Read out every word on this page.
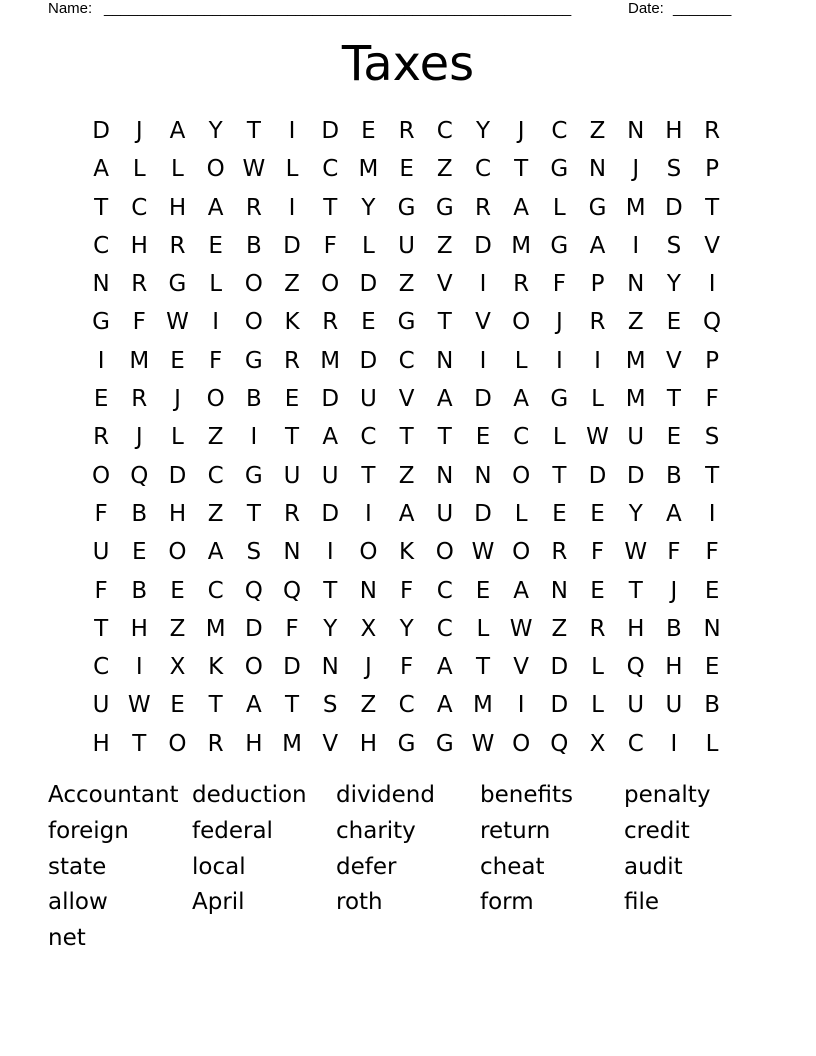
Name: ________________________________________________________	Date: _______
Taxes
D	J	A	Y	T	I	D E R C	Y	J	C Z N H R
A	L	L O W L	C M E	Z C	T G N	J	S	P
T	C H A R	I	T	Y G G R A	L G M D T
C H R E	B D F	L	U Z D M G A	I	S	V
N R G L O Z O D Z V	I	R	F	P N Y	I
G F W	I	O K R E G T	V O	J	R Z	E Q
I	M E	F G R M D C N	I	L	I	I	M V	P
E R	J	O B	E D U V A D A G L M T	F
R	J	L	Z	I	T	A C	T	T	E C	L W U E	S
O Q D C G U U T	Z N N O T D D B	T
F	B H Z	T	R D	I	A U D L	E	E	Y	A	I
U E O A	S N	I	O K O W O R	F W F	F
F	B	E C Q Q T N F	C E	A N E	T	J	E
T H Z M D F	Y	X	Y	C	L W Z R H B N
C	I	X K O D N	J	F	A	T	V D L Q H E
U W E	T	A	T	S	Z C A M	I	D L	U U B
H T O R H M V H G G W O Q X C	I	L
Accountant deduction	dividend	benefits	penalty
foreign	federal	charity	return	credit
state	local	defer	cheat	audit
allow	April	roth	form	file
net
